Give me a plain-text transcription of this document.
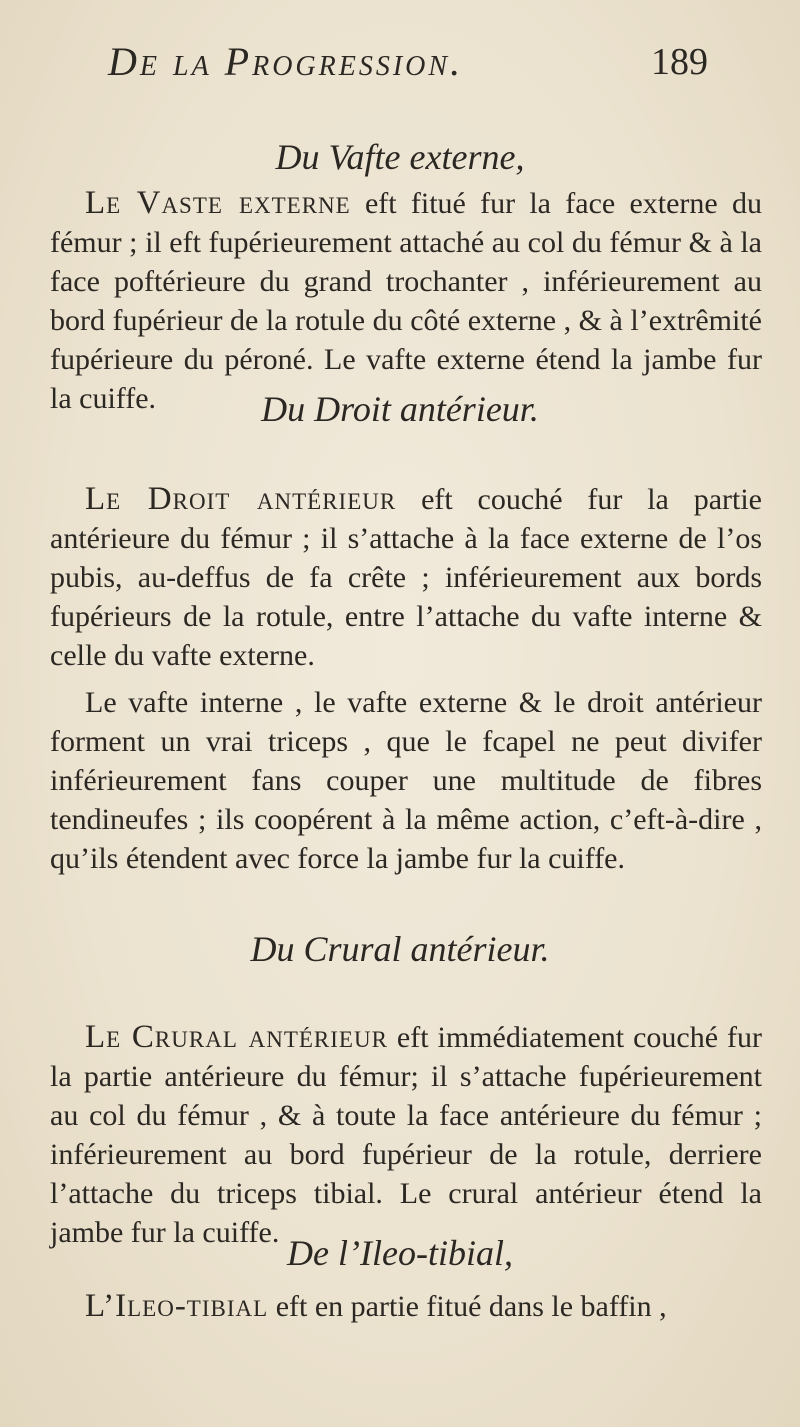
De la Progression.	189
Du Vafte externe,
Le Vaste externe eft fitué fur la face externe du fémur ; il eft fupérieurement attaché au col du fémur & à la face poftérieure du grand trochanter , inférieurement au bord fupérieur de la rotule du côté externe , & à l’extrêmité fupérieure du péroné. Le vafte externe étend la jambe fur la cuiffe.	Du Droit antérieur.
Le Droit antérieur eft couché fur la partie antérieure du fémur ; il s’attache à la face externe de l’os pubis, au-deffus de fa crête ; inférieurement aux bords fupérieurs de la rotule, entre l’attache du vafte interne & celle du vafte externe.
Le vafte interne , le vafte externe & le droit antérieur forment un vrai triceps , que le fcapel ne peut divifer inférieurement fans couper une multitude de fibres tendineufes ; ils coopérent à la même action, c’eft-à-dire , qu’ils étendent avec force la jambe fur la cuiffe.
Du Crural antérieur.
Le Crural antérieur eft immédiatement couché fur la partie antérieure du fémur; il s’attache fupérieurement au col du fémur , & à toute la face antérieure du fémur ; inférieurement au bord fupérieur de la rotule, derriere l’attache du triceps tibial. Le crural antérieur étend la jambe fur la cuiffe.
De l’Ileo-tibial,
L’Ileo-tibial eft en partie fitué dans le baffin ,
